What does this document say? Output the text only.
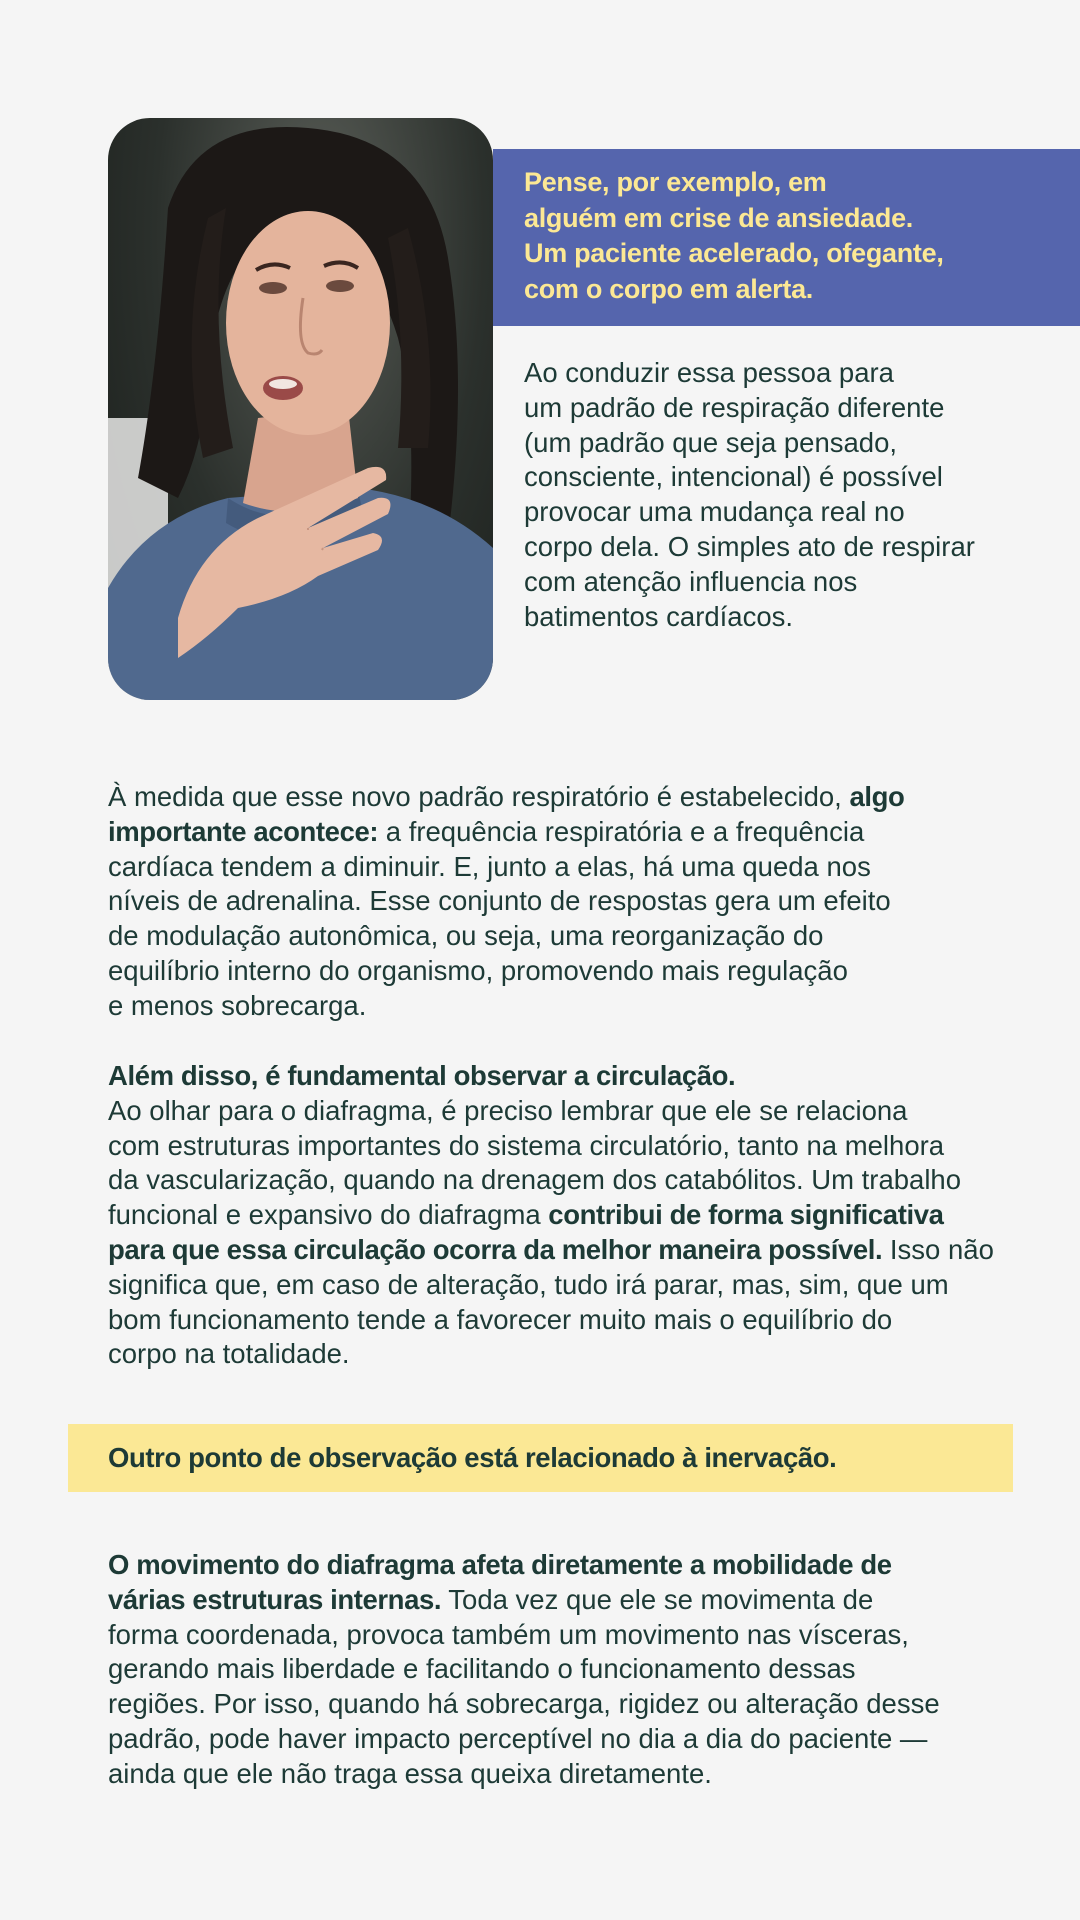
Pense, por exemplo, em
alguém em crise de ansiedade.
Um paciente acelerado, ofegante,
com o corpo em alerta.

Ao conduzir essa pessoa para
um padrão de respiração diferente
(um padrão que seja pensado,
consciente, intencional) é possível
provocar uma mudança real no
corpo dela. O simples ato de respirar
com atenção influencia nos
batimentos cardíacos.

À medida que esse novo padrão respiratório é estabelecido, algo
importante acontece: a frequência respiratória e a frequência
cardíaca tendem a diminuir. E, junto a elas, há uma queda nos
níveis de adrenalina. Esse conjunto de respostas gera um efeito
de modulação autonômica, ou seja, uma reorganização do
equilíbrio interno do organismo, promovendo mais regulação
e menos sobrecarga.

Além disso, é fundamental observar a circulação.
Ao olhar para o diafragma, é preciso lembrar que ele se relaciona
com estruturas importantes do sistema circulatório, tanto na melhora
da vascularização, quando na drenagem dos catabólitos. Um trabalho
funcional e expansivo do diafragma contribui de forma significativa
para que essa circulação ocorra da melhor maneira possível. Isso não
significa que, em caso de alteração, tudo irá parar, mas, sim, que um
bom funcionamento tende a favorecer muito mais o equilíbrio do
corpo na totalidade.

Outro ponto de observação está relacionado à inervação.

O movimento do diafragma afeta diretamente a mobilidade de
várias estruturas internas. Toda vez que ele se movimenta de
forma coordenada, provoca também um movimento nas vísceras,
gerando mais liberdade e facilitando o funcionamento dessas
regiões. Por isso, quando há sobrecarga, rigidez ou alteração desse
padrão, pode haver impacto perceptível no dia a dia do paciente —
ainda que ele não traga essa queixa diretamente.
